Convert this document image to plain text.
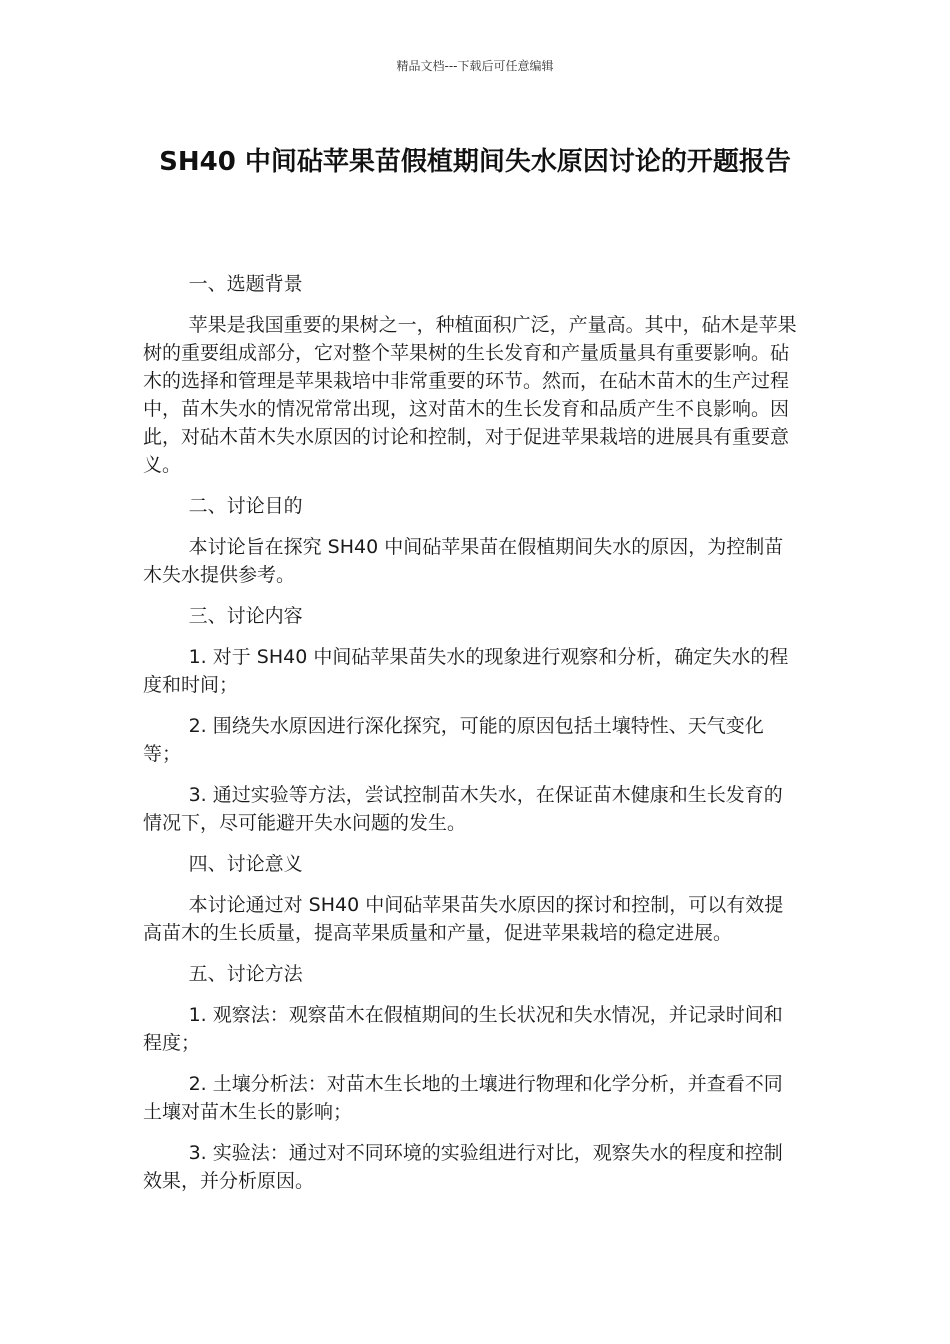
精品文档---下载后可任意编辑
SH40 中间砧苹果苗假植期间失水原因讨论的开题报告
一、选题背景

苹果是我国重要的果树之一，种植面积广泛，产量高。其中，砧木是苹果树的重要组成部分，它对整个苹果树的生长发育和产量质量具有重要影响。砧木的选择和管理是苹果栽培中非常重要的环节。然而，在砧木苗木的生产过程中，苗木失水的情况常常出现，这对苗木的生长发育和品质产生不良影响。因此，对砧木苗木失水原因的讨论和控制，对于促进苹果栽培的进展具有重要意义。

二、讨论目的

本讨论旨在探究 SH40 中间砧苹果苗在假植期间失水的原因，为控制苗木失水提供参考。

三、讨论内容

1. 对于 SH40 中间砧苹果苗失水的现象进行观察和分析，确定失水的程度和时间；

2. 围绕失水原因进行深化探究，可能的原因包括土壤特性、天气变化等；

3. 通过实验等方法，尝试控制苗木失水，在保证苗木健康和生长发育的情况下，尽可能避开失水问题的发生。

四、讨论意义

本讨论通过对 SH40 中间砧苹果苗失水原因的探讨和控制，可以有效提高苗木的生长质量，提高苹果质量和产量，促进苹果栽培的稳定进展。

五、讨论方法

1. 观察法：观察苗木在假植期间的生长状况和失水情况，并记录时间和程度；

2. 土壤分析法：对苗木生长地的土壤进行物理和化学分析，并查看不同土壤对苗木生长的影响；

3. 实验法：通过对不同环境的实验组进行对比，观察失水的程度和控制效果，并分析原因。
